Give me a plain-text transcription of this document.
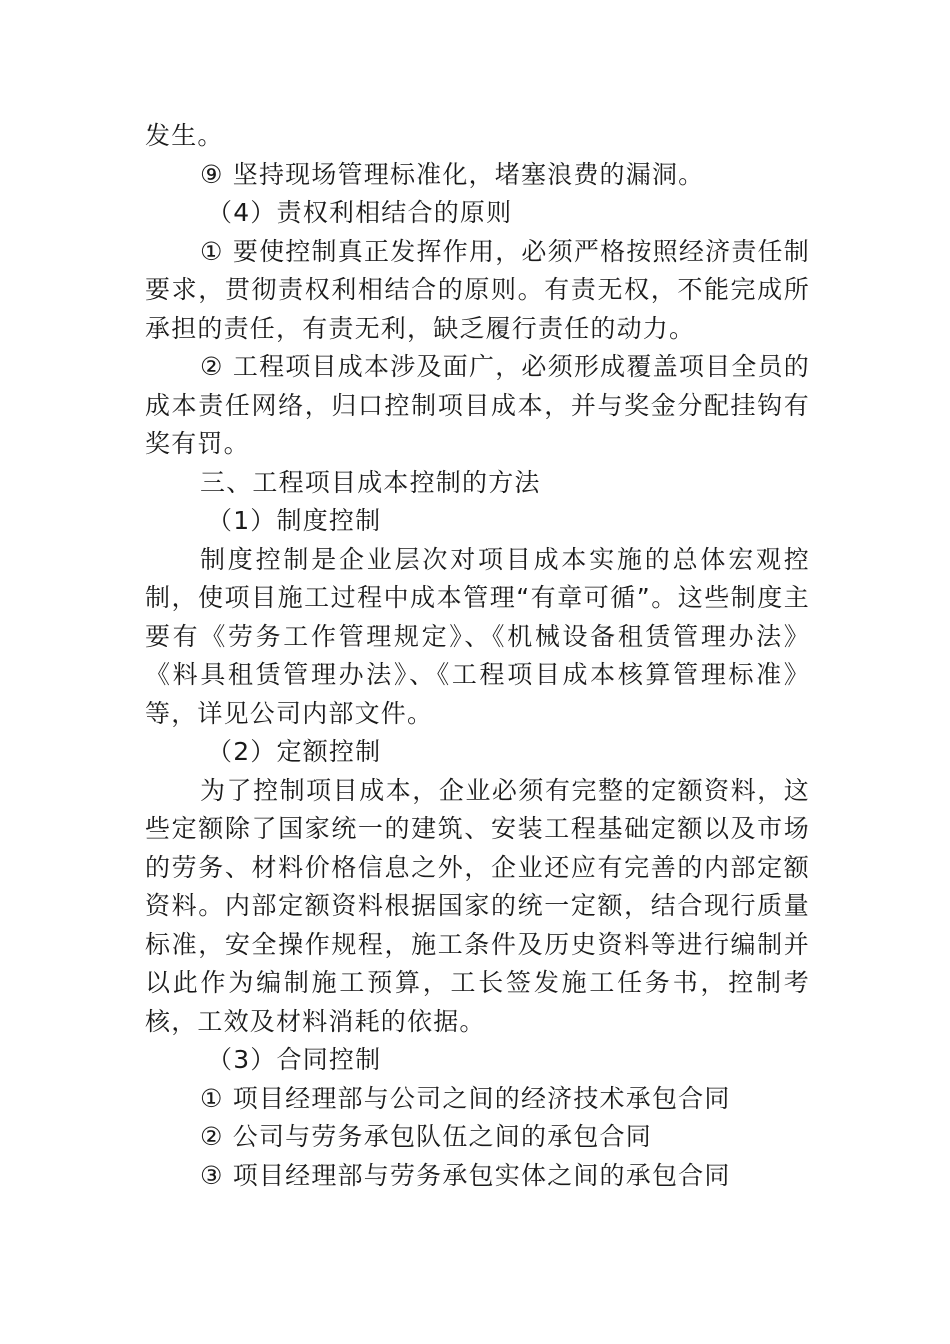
发生。

⑨ 坚持现场管理标准化，堵塞浪费的漏洞。

（4）责权利相结合的原则

① 要使控制真正发挥作用，必须严格按照经济责任制要求，贯彻责权利相结合的原则。有责无权，不能完成所承担的责任，有责无利，缺乏履行责任的动力。

② 工程项目成本涉及面广，必须形成覆盖项目全员的成本责任网络，归口控制项目成本，并与奖金分配挂钩有奖有罚。

三、工程项目成本控制的方法

（1）制度控制

制度控制是企业层次对项目成本实施的总体宏观控制，使项目施工过程中成本管理“有章可循”。这些制度主要有《劳务工作管理规定》、《机械设备租赁管理办法》《料具租赁管理办法》、《工程项目成本核算管理标准》等，详见公司内部文件。

（2）定额控制

为了控制项目成本，企业必须有完整的定额资料，这些定额除了国家统一的建筑、安装工程基础定额以及市场的劳务、材料价格信息之外，企业还应有完善的内部定额资料。内部定额资料根据国家的统一定额，结合现行质量标准，安全操作规程，施工条件及历史资料等进行编制并以此作为编制施工预算，工长签发施工任务书，控制考核，工效及材料消耗的依据。

（3）合同控制

① 项目经理部与公司之间的经济技术承包合同

② 公司与劳务承包队伍之间的承包合同

③ 项目经理部与劳务承包实体之间的承包合同
